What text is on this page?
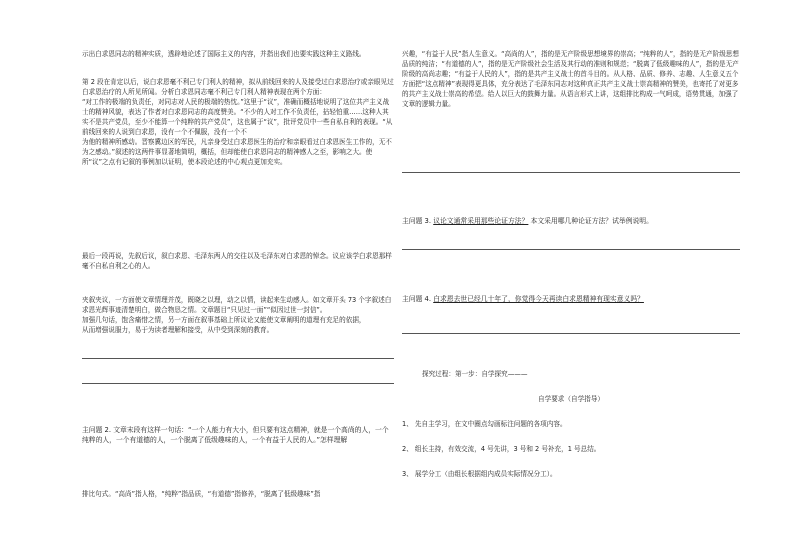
示出白求恩同志的精神实质，透辟地论述了国际主义的内容，并指出我们也要实践这种主义路线。

第 2 段在肯定以后，说白求恩毫不利己专门利人的精神，拟从前线回来的人及接受过白求恩治疗或亲眼见过白求恩治疗的人所见所闻。分析白求恩同志毫不利己专门利人精神表现在两个方面：

“对工作的极端的负责任，对同志对人民的极端的热忱。”这里于“议”，准确而概括地说明了这位共产主义战士的精神风貌，表达了作者对白求恩同志的高度赞美。“不少的人对工作不负责任，拈轻怕重……这种人其实不是共产党员，至少不能算一个纯粹的共产党员”，这也属于“议”，批评党员中一些自私自利的表现。“从前线回来的人说到白求恩，没有一个不佩服，没有一个不

为他的精神所感动。晋察冀边区的军民，凡亲身受过白求恩医生的治疗和亲眼看过白求恩医生工作的，无不为之感动。”叙述的这两件事显著地简明，概括，但却能使白求恩同志的精神感人之至，影响之大。使所“议”之点有记叙的事例加以证明，使本段论述的中心观点更加充实。

最后一段再说，先叙后议，叙白求恩、毛泽东两人的交往以及毛泽东对白求恩的悼念。议应该学白求恩那样毫不自私自利之心的人。

夹叙夹议，一方面使文章情理并茂，既晓之以理，动之以情，读起来生动感人。如文章开头 73 个字叙述白求恩光辉事迹清楚明白，做合物恳之情。文章题目“只见过一面”“似因过世一封信”。

加强几句话，饱含痛惜之情，另一方面在叙事基础上所议论又能使文章阐明的道理有充足的依据，

从而增强说服力，易于为读者理解和接受，从中受到深刻的教育。

主问题 2. 文章末段有这样一句话：“一个人能力有大小，但只要有这点精神，就是一个高尚的人，一个纯粹的人，一个有道德的人，一个脱离了低级趣味的人，一个有益于人民的人。”怎样理解

排比句式。“高尚”指人格，“纯粹”指品质，“有道德”指修养，“脱离了低级趣味”指

兴趣，“有益于人民”指人生意义。“高尚的人”，指的是无产阶级思想境界的崇高；“纯粹的人”，指的是无产阶级思想品质的纯洁；“有道德的人”，指的是无产阶级社会生活及其行动的准则和规范；“脱离了低级趣味的人”，指的是无产阶级的高尚志趣；“有益于人民的人”，指的是共产主义战士的首斗目的。从人格、品质、修养、志趣、人生意义五个方面把“这点精神”表现得更具体，充分表达了毛泽东同志对这种真正共产主义战士崇高精神的赞美，也寄托了对更多的共产主义战士崇高的希望。给人以巨大的鼓舞力量。从语言形式上讲，这组排比构成一气呵成，语势贯通，加强了文章的逻辑力量。

主问题 3. 议论文通常采用那些论证方法？ 本文采用哪几种论证方法？试举例说明。
主问题 4. 白求恩去世已经几十年了，你觉得今天再读白求恩精神有现实意义吗？

探究过程：第一步：自学探究———

自学要求（自学指导）

1、 先自主学习，在文中圈点勾画标注问题的各项内容。

2、 组长主持，有效交流，4 号先讲，3 号和 2 号补充，1 号总结。

3、 展学分工（由组长根据组内成员实际情况分工）。
